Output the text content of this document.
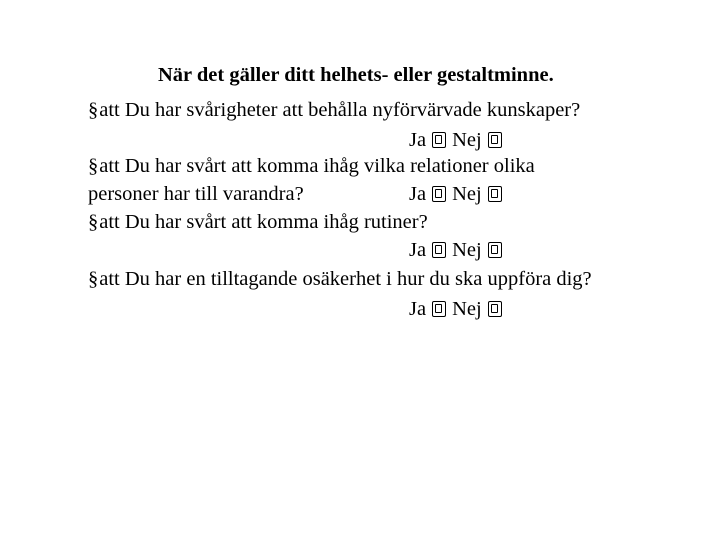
När det gäller ditt helhets- eller gestaltminne.
§att Du har svårigheter att behålla nyförvärvade kunskaper?
Ja Nej
§att Du har svårt att komma ihåg vilka relationer olika
personer har till varandra?	Ja Nej
§att Du har svårt att komma ihåg rutiner?
Ja Nej
§att Du har en tilltagande osäkerhet i hur du ska uppföra dig?
Ja Nej
